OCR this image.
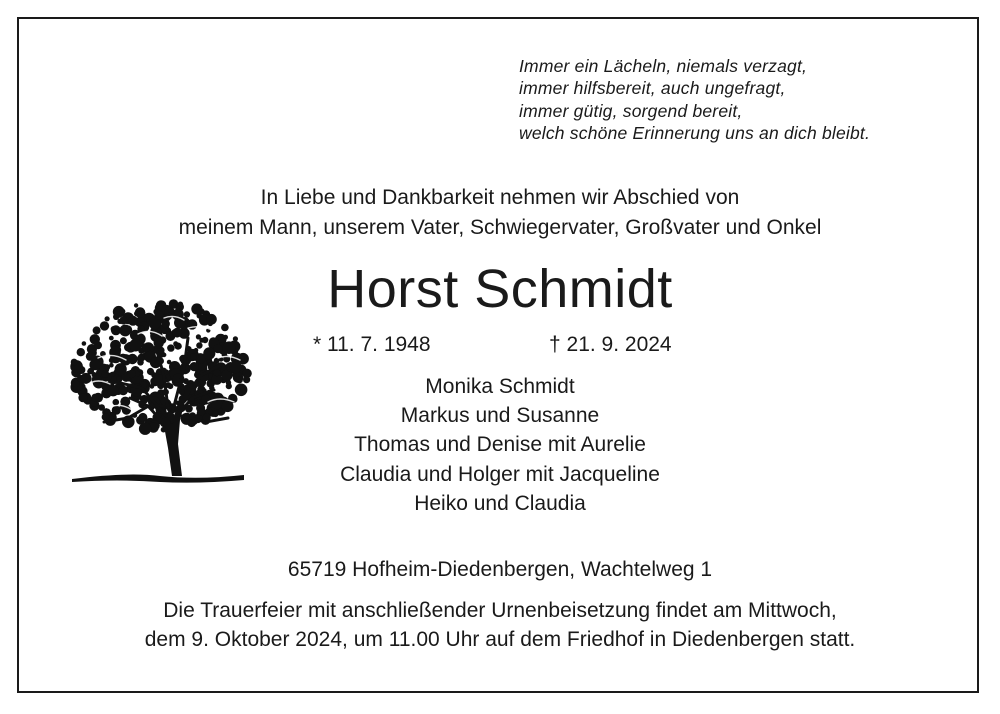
Immer ein Lächeln, niemals verzagt,
immer hilfsbereit, auch ungefragt,
immer gütig, sorgend bereit,
welch schöne Erinnerung uns an dich bleibt.
In Liebe und Dankbarkeit nehmen wir Abschied von
meinem Mann, unserem Vater, Schwiegervater, Großvater und Onkel
Horst Schmidt
* 11. 7. 1948	† 21. 9. 2024
Monika Schmidt
Markus und Susanne
Thomas und Denise mit Aurelie
Claudia und Holger mit Jacqueline
Heiko und Claudia
65719 Hofheim-Diedenbergen, Wachtelweg 1
Die Trauerfeier mit anschließender Urnenbeisetzung findet am Mittwoch,
dem 9. Oktober 2024, um 11.00 Uhr auf dem Friedhof in Diedenbergen statt.
